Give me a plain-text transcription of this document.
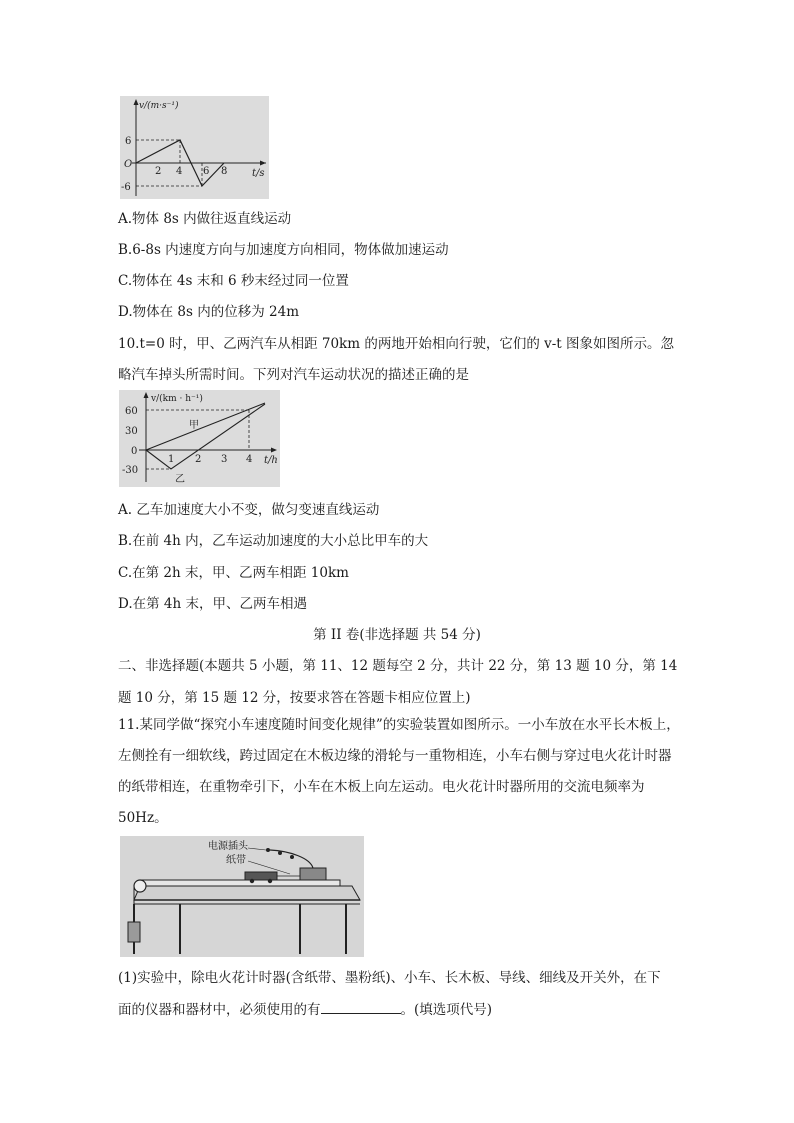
v/(m·s⁻¹)
6
O
-6
2 4 6 8 t/s
A.物体 8s 内做往返直线运动
B.6-8s 内速度方向与加速度方向相同，物体做加速运动
C.物体在 4s 末和 6 秒末经过同一位置
D.物体在 8s 内的位移为 24m
10.t=0 时，甲、乙两汽车从相距 70km 的两地开始相向行驶，它们的 v-t 图象如图所示。忽
略汽车掉头所需时间。下列对汽车运动状况的描述正确的是
v/(km · h⁻¹)
60
30
0
-30
1 2 3 4 t/h
甲
乙
A. 乙车加速度大小不变，做匀变速直线运动
B.在前 4h 内，乙车运动加速度的大小总比甲车的大
C.在第 2h 末，甲、乙两车相距 10km
D.在第 4h 末，甲、乙两车相遇
第 II 卷(非选择题 共 54 分)
二、非选择题(本题共 5 小题，第 11、12 题每空 2 分，共计 22 分，第 13 题 10 分，第 14
题 10 分，第 15 题 12 分，按要求答在答题卡相应位置上)
11.某同学做“探究小车速度随时间变化规律”的实验装置如图所示。一小车放在水平长木板上，左侧拴有一细软线，跨过固定在木板边缘的滑轮与一重物相连，小车右侧与穿过电火花计时器的纸带相连，在重物牵引下，小车在木板上向左运动。电火花计时器所用的交流电频率为 50Hz。
电源插头
纸带
(1)实验中，除电火花计时器(含纸带、墨粉纸)、小车、长木板、导线、细线及开关外，在下
面的仪器和器材中，必须使用的有	。(填选项代号)
